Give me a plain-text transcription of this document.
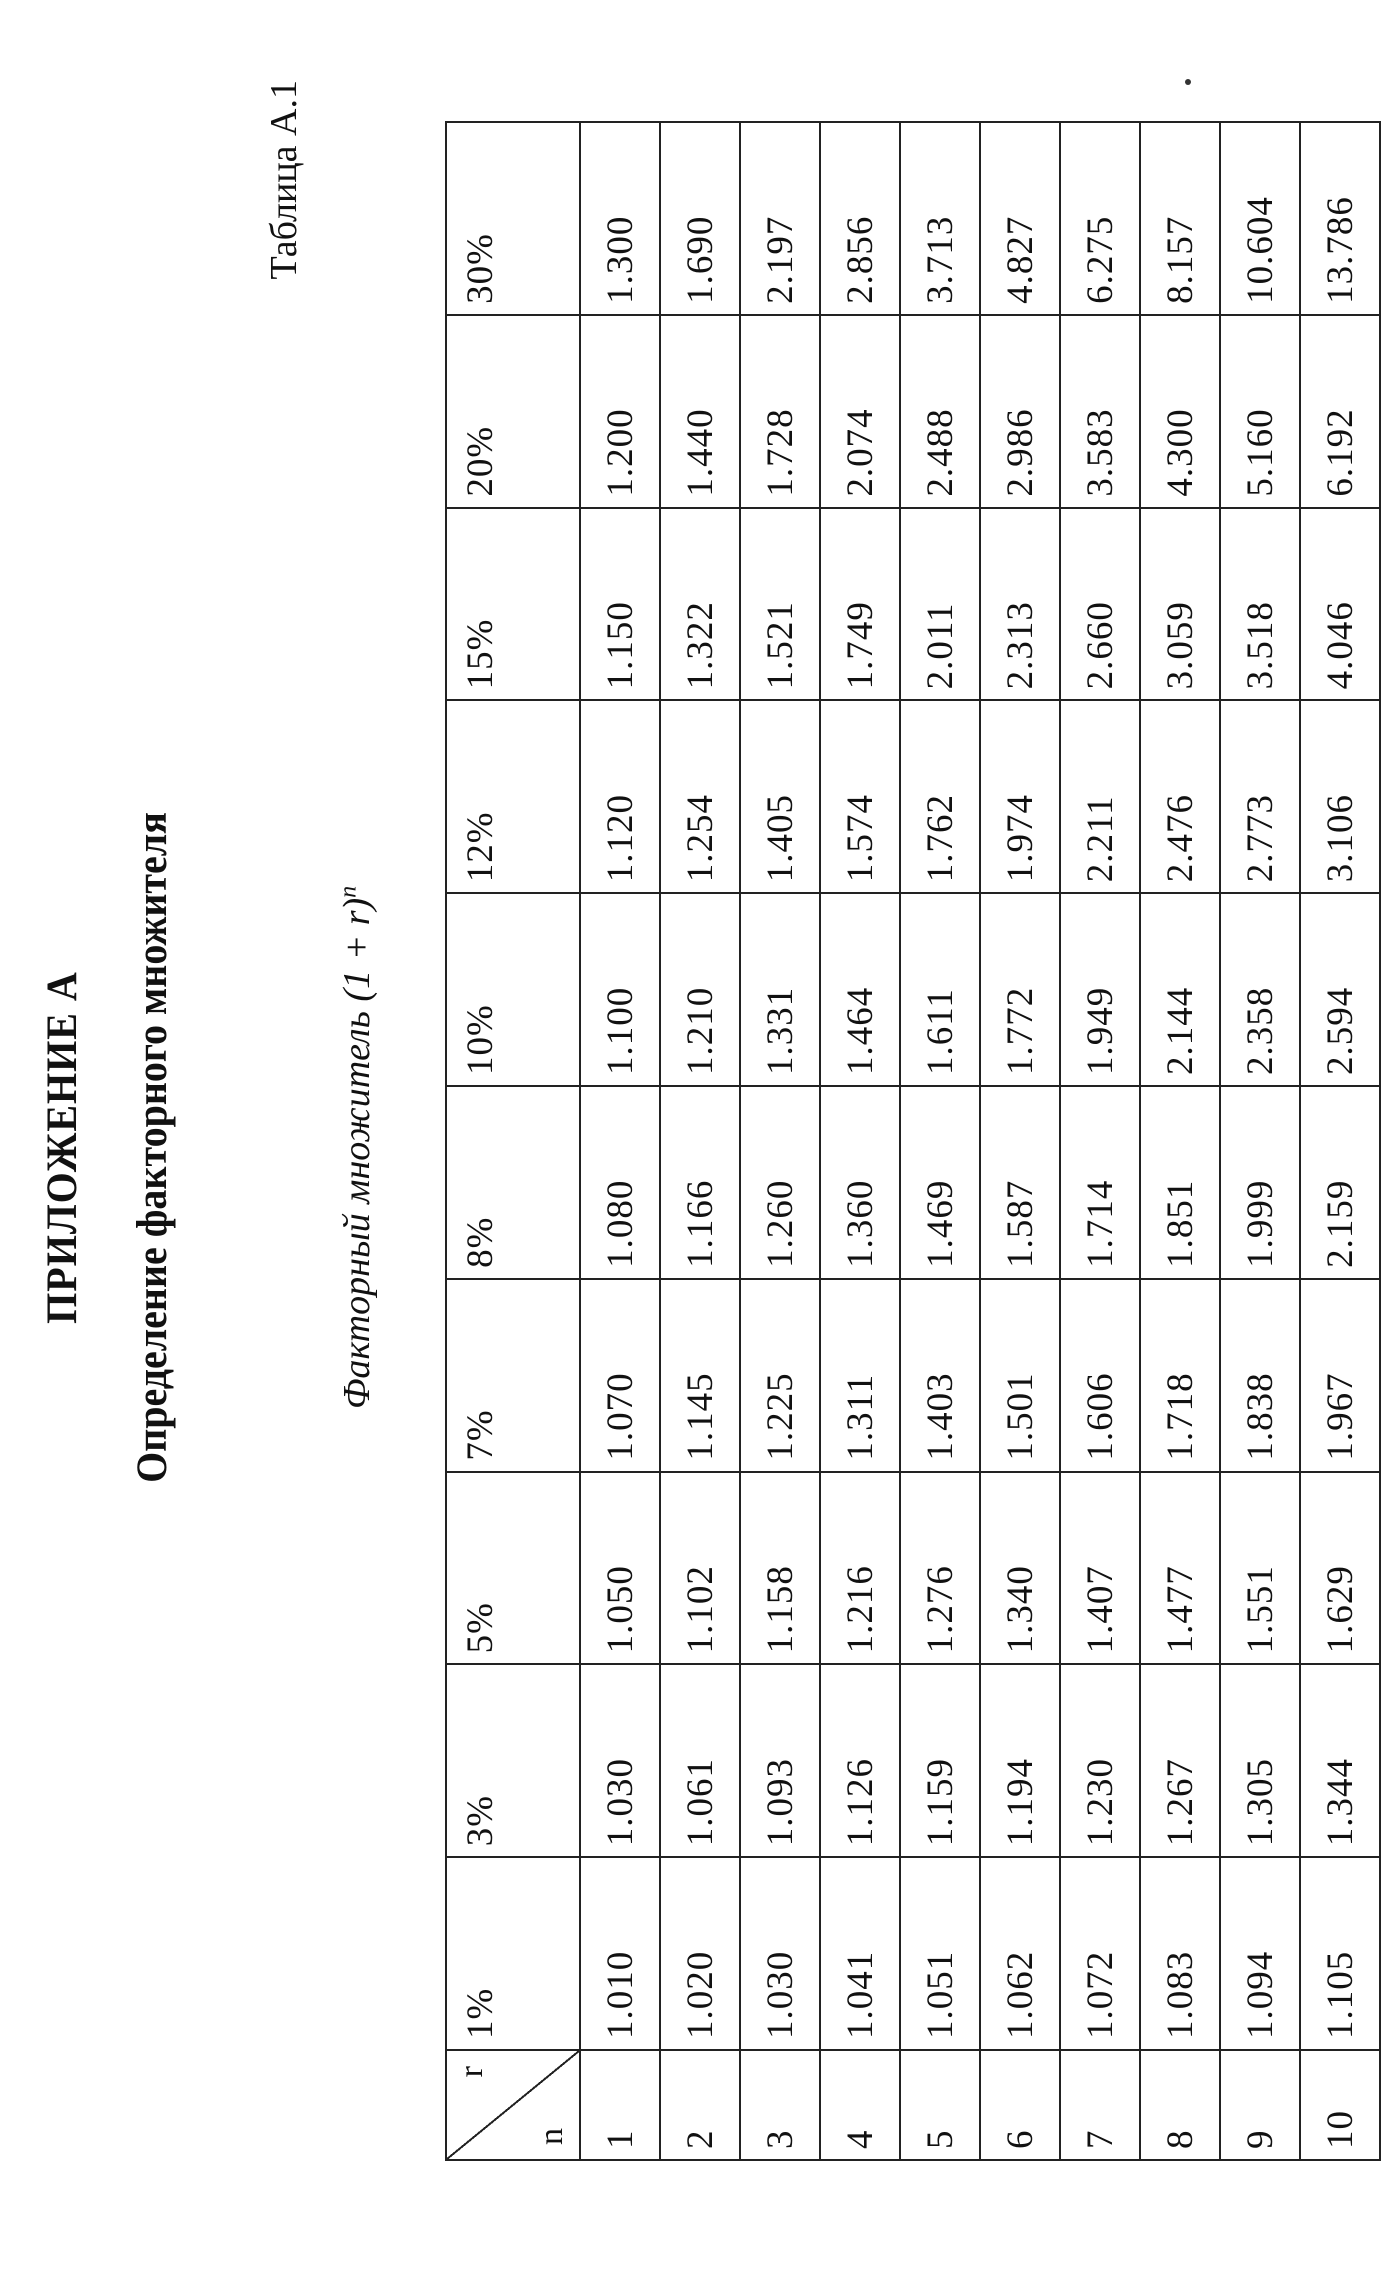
ПРИЛОЖЕНИЕ А Определение факторного множителя
Таблица А.1
Факторный множитель $(1 + r)^n$
r
n	1%	3%	5%	7%	8%	10%	12%	15%	20%	30%
1	1.010	1.030	1.050	1.070	1.080	1.100	1.120	1.150	1.200	1.300
2	1.020	1.061	1.102	1.145	1.166	1.210	1.254	1.322	1.440	1.690
3	1.030	1.093	1.158	1.225	1.260	1.331	1.405	1.521	1.728	2.197
4	1.041	1.126	1.216	1.311	1.360	1.464	1.574	1.749	2.074	2.856
5	1.051	1.159	1.276	1.403	1.469	1.611	1.762	2.011	2.488	3.713
6	1.062	1.194	1.340	1.501	1.587	1.772	1.974	2.313	2.986	4.827
7	1.072	1.230	1.407	1.606	1.714	1.949	2.211	2.660	3.583	6.275
8	1.083	1.267	1.477	1.718	1.851	2.144	2.476	3.059	4.300	8.157
9	1.094	1.305	1.551	1.838	1.999	2.358	2.773	3.518	5.160	10.604
10	1.105	1.344	1.629	1.967	2.159	2.594	3.106	4.046	6.192	13.786
